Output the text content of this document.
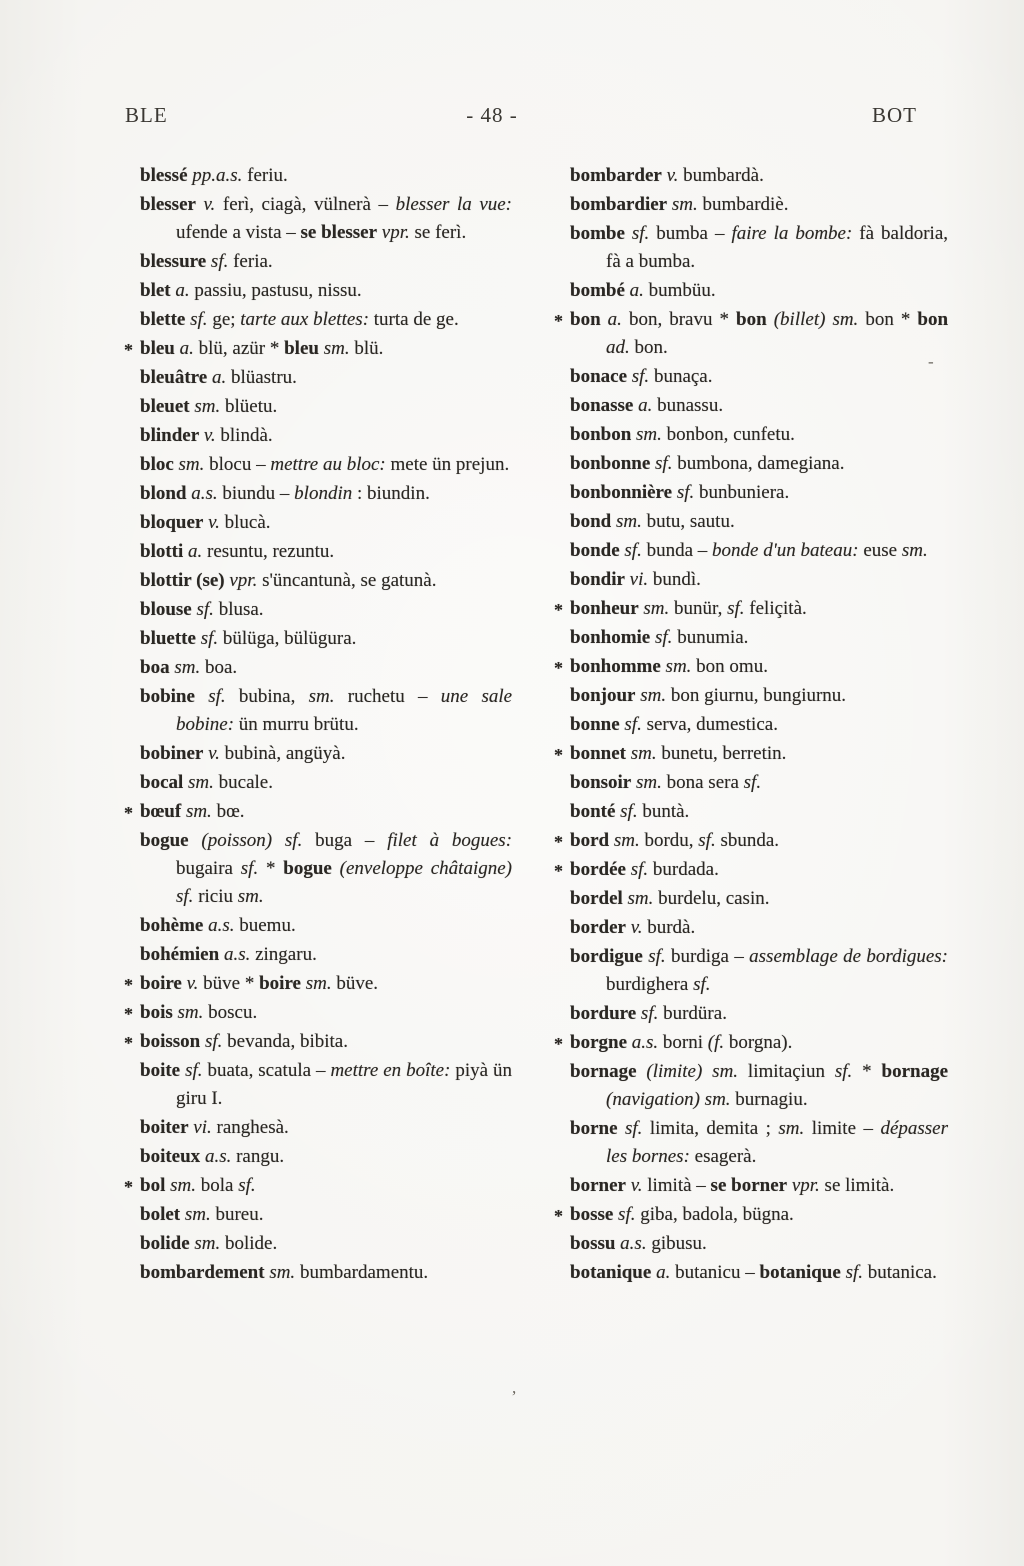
BLE	- 48 -	BOT

blessé pp.a.s. feriu.

blesser v. ferì, ciagà, vülnerà – blesser la vue: ufende a vista – se blesser vpr. se ferì.

blessure sf. feria.

blet a. passiu, pastusu, nissu.

blette sf. ge; tarte aux blettes: turta de ge.

* bleu a. blü, azür * bleu sm. blü.

bleuâtre a. blüastru.

bleuet sm. blüetu.

blinder v. blindà.

bloc sm. blocu – mettre au bloc: mete ün prejun.

blond a.s. biundu – blondin : biundin.

bloquer v. blucà.

blotti a. resuntu, rezuntu.

blottir (se) vpr. s'üncantunà, se gatunà.

blouse sf. blusa.

bluette sf. bülüga, bülügura.

boa sm. boa.

bobine sf. bubina, sm. ruchetu – une sale bobine: ün murru brütu.

bobiner v. bubinà, angüyà.

bocal sm. bucale.

* bœuf sm. bœ.

bogue (poisson) sf. buga – filet à bogues: bugaira sf. * bogue (enveloppe châtaigne) sf. riciu sm.

bohème a.s. buemu.

bohémien a.s. zingaru.

* boire v. büve * boire sm. büve.

* bois sm. boscu.

* boisson sf. bevanda, bibita.

boite sf. buata, scatula – mettre en boîte: piyà ün giru I.

boiter vi. ranghesà.

boiteux a.s. rangu.

* bol sm. bola sf.

bolet sm. bureu.

bolide sm. bolide.

bombardement sm. bumbardamentu.

bombarder v. bumbardà.

bombardier sm. bumbardiè.

bombe sf. bumba – faire la bombe: fà baldoria, fà a bumba.

bombé a. bumbüu.

* bon a. bon, bravu * bon (billet) sm. bon * bon ad. bon.

bonace sf. bunaça.

bonasse a. bunassu.

bonbon sm. bonbon, cunfetu.

bonbonne sf. bumbona, damegiana.

bonbonnière sf. bunbuniera.

bond sm. butu, sautu.

bonde sf. bunda – bonde d'un bateau: euse sm.

bondir vi. bundì.

* bonheur sm. bunür, sf. feliçità.

bonhomie sf. bunumia.

* bonhomme sm. bon omu.

bonjour sm. bon giurnu, bungiurnu.

bonne sf. serva, dumestica.

* bonnet sm. bunetu, berretin.

bonsoir sm. bona sera sf.

bonté sf. buntà.

* bord sm. bordu, sf. sbunda.

* bordée sf. burdada.

bordel sm. burdelu, casin.

border v. burdà.

bordigue sf. burdiga – assemblage de bordigues: burdighera sf.

bordure sf. burdüra.

* borgne a.s. borni (f. borgna).

bornage (limite) sm. limitaçiun sf. * bornage (navigation) sm. burnagiu.

borne sf. limita, demita ; sm. limite – dépasser les bornes: esagerà.

borner v. limità – se borner vpr. se limità.

* bosse sf. giba, badola, bügna.

bossu a.s. gibusu.

botanique a. butanicu – botanique sf. butanica.

-
,
